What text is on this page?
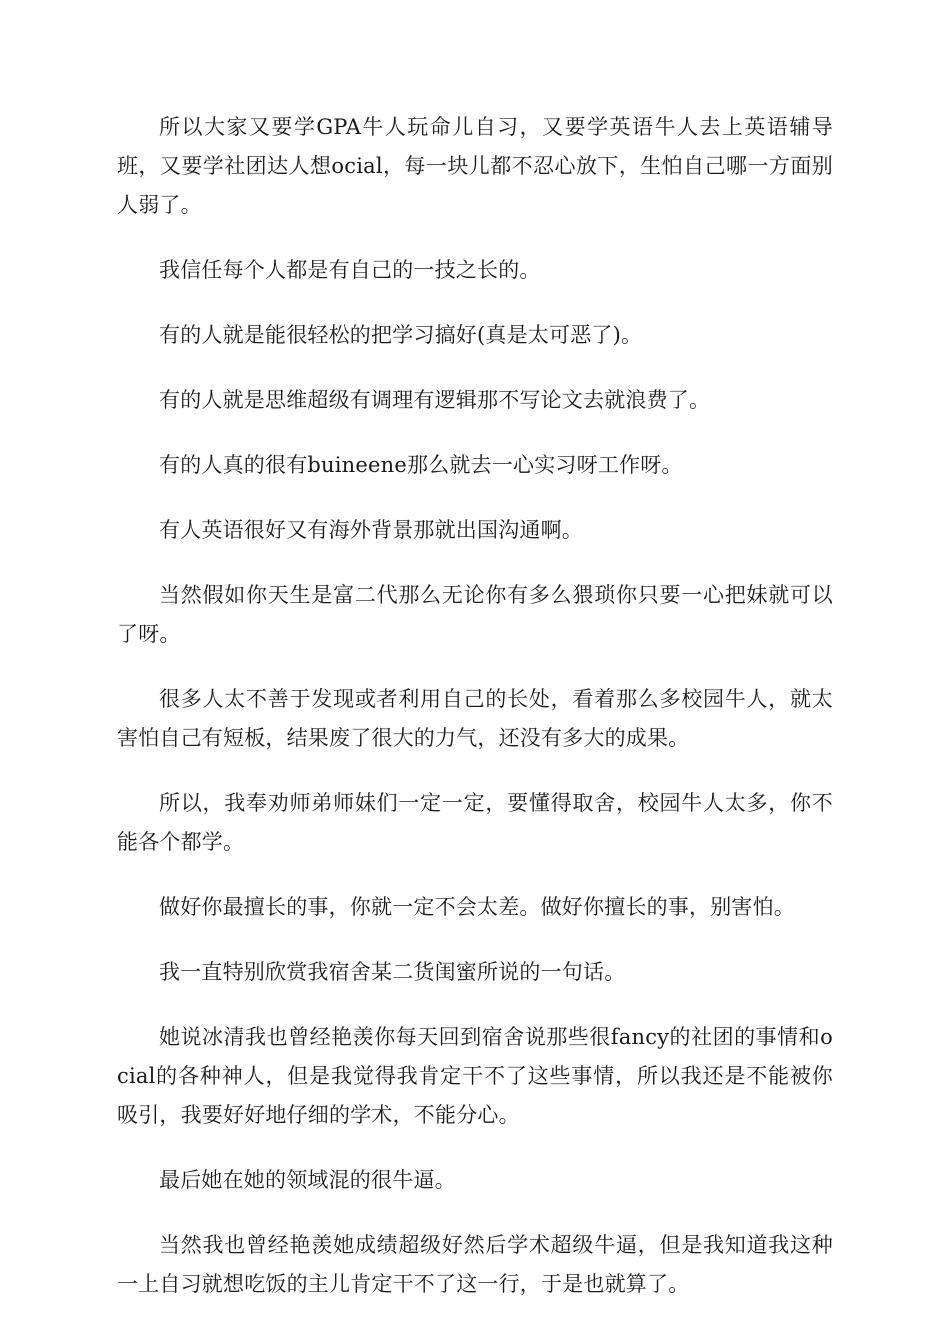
所以大家又要学GPA牛人玩命儿自习，又要学英语牛人去上英语辅导班，又要学社团达人想ocial，每一块儿都不忍心放下，生怕自己哪一方面别人弱了。

我信任每个人都是有自己的一技之长的。

有的人就是能很轻松的把学习搞好(真是太可恶了)。

有的人就是思维超级有调理有逻辑那不写论文去就浪费了。

有的人真的很有buineene那么就去一心实习呀工作呀。

有人英语很好又有海外背景那就出国沟通啊。

当然假如你天生是富二代那么无论你有多么猥琐你只要一心把妹就可以了呀。

很多人太不善于发现或者利用自己的长处，看着那么多校园牛人，就太害怕自己有短板，结果废了很大的力气，还没有多大的成果。

所以，我奉劝师弟师妹们一定一定，要懂得取舍，校园牛人太多，你不能各个都学。

做好你最擅长的事，你就一定不会太差。做好你擅长的事，别害怕。

我一直特别欣赏我宿舍某二货闺蜜所说的一句话。

她说冰清我也曾经艳羡你每天回到宿舍说那些很fancy的社团的事情和ocial的各种神人，但是我觉得我肯定干不了这些事情，所以我还是不能被你吸引，我要好好地仔细的学术，不能分心。

最后她在她的领域混的很牛逼。

当然我也曾经艳羡她成绩超级好然后学术超级牛逼，但是我知道我这种一上自习就想吃饭的主儿肯定干不了这一行，于是也就算了。
